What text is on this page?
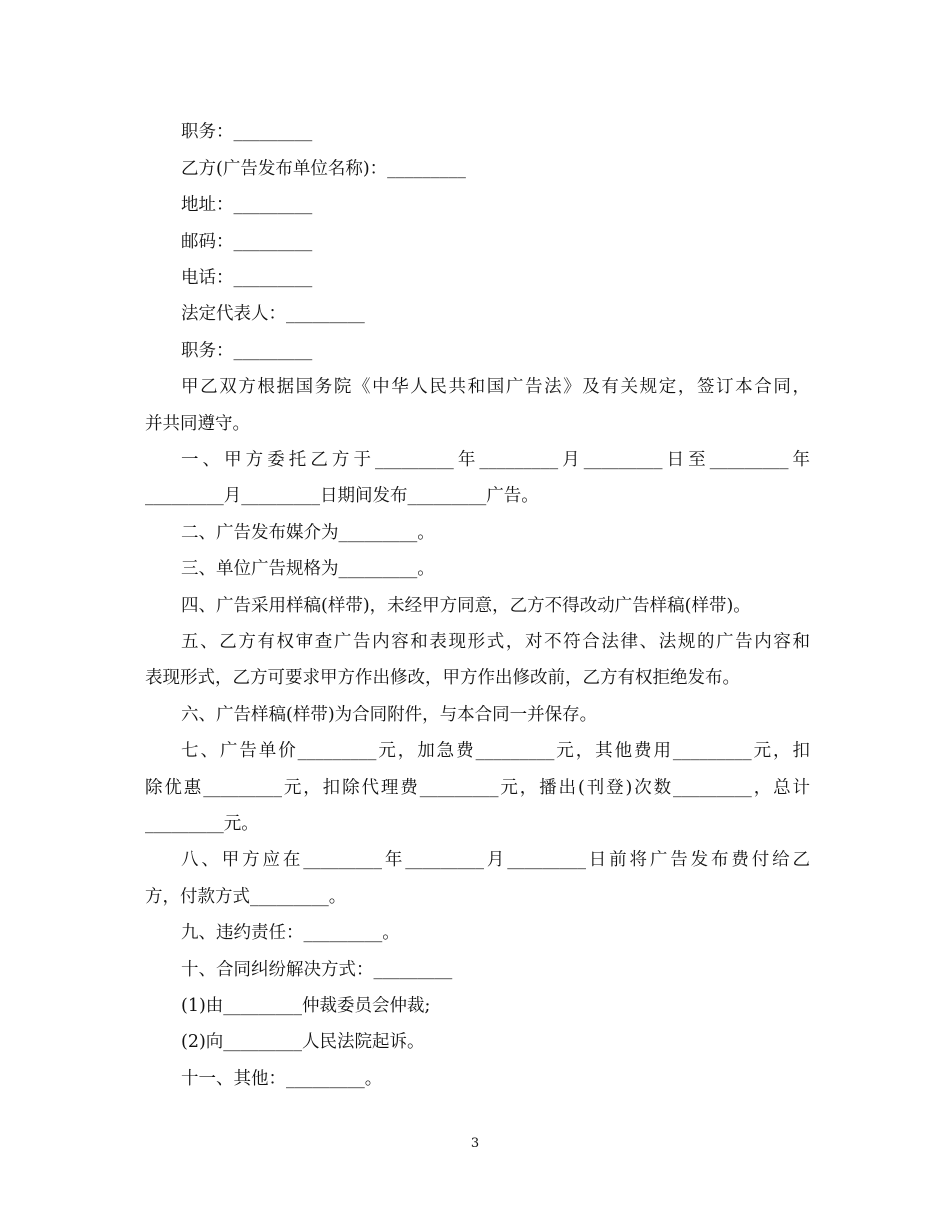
职务：_________
乙方(广告发布单位名称)：_________
地址：_________
邮码：_________
电话：_________
法定代表人：_________
职务：_________
甲乙双方根据国务院《中华人民共和国广告法》及有关规定，签订本合同，
并共同遵守。
一、甲方委托乙方于_________年_________月_________日至_________年
_________月_________日期间发布_________广告。
二、广告发布媒介为_________。
三、单位广告规格为_________。
四、广告采用样稿(样带)，未经甲方同意，乙方不得改动广告样稿(样带)。
五、乙方有权审查广告内容和表现形式，对不符合法律、法规的广告内容和
表现形式，乙方可要求甲方作出修改，甲方作出修改前，乙方有权拒绝发布。
六、广告样稿(样带)为合同附件，与本合同一并保存。
七、广告单价_________元，加急费_________元，其他费用_________元，扣
除优惠_________元，扣除代理费_________元，播出(刊登)次数_________，总计
_________元。
八、甲方应在_________年_________月_________日前将广告发布费付给乙
方，付款方式_________。
九、违约责任：_________。
十、合同纠纷解决方式：_________
(1)由_________仲裁委员会仲裁;
(2)向_________人民法院起诉。
十一、其他：_________。
3
